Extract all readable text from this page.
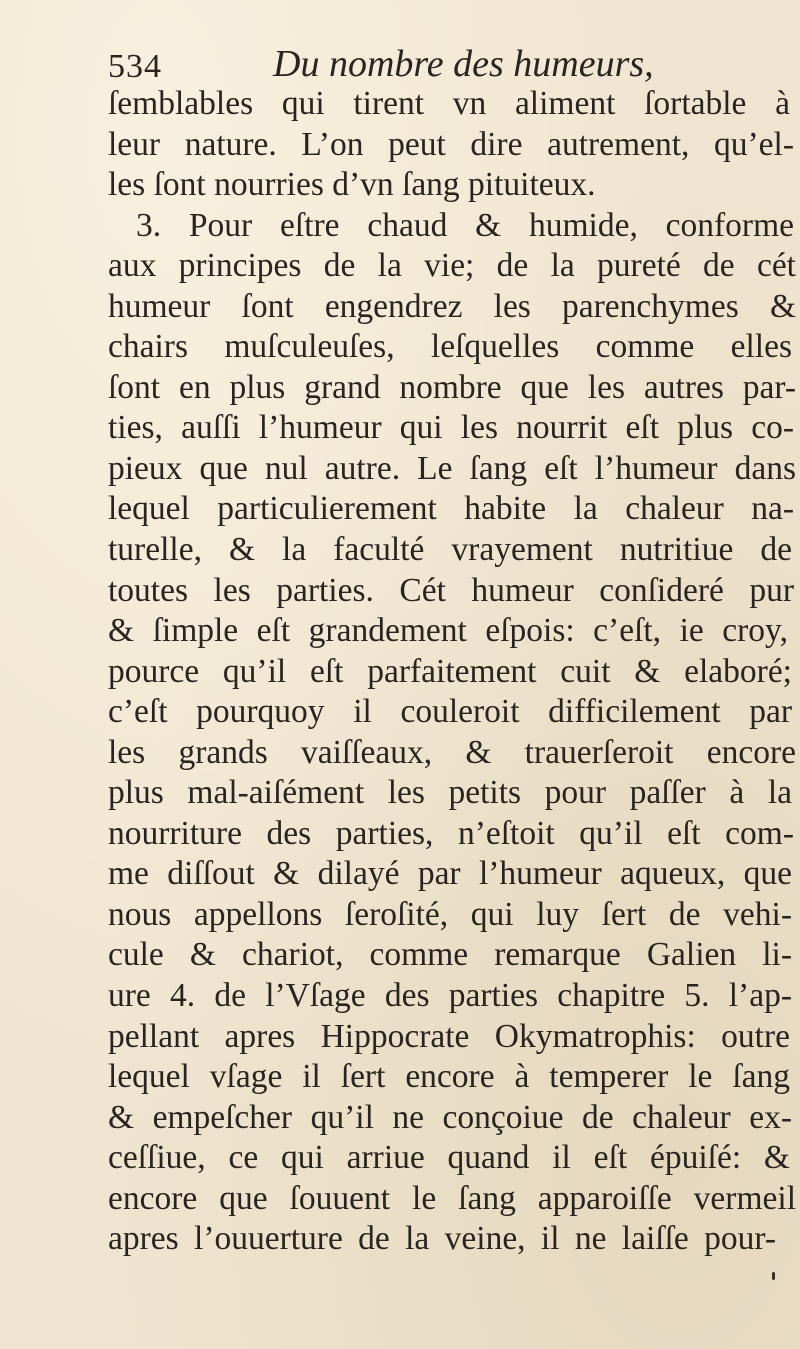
534	Du nombre des humeurs,
ſemblables qui tirent vn aliment ſortable à
leur nature. L’on peut dire autrement, qu’el-
les ſont nourries d’vn ſang pituiteux.
3. Pour eſtre chaud & humide, conforme
aux principes de la vie; de la pureté de cét
humeur ſont engendrez les parenchymes &
chairs muſculeuſes, leſquelles comme elles
ſont en plus grand nombre que les autres par-
ties, auſſi l’humeur qui les nourrit eſt plus co-
pieux que nul autre. Le ſang eſt l’humeur dans
lequel particulierement habite la chaleur na-
turelle, & la faculté vrayement nutritiue de
toutes les parties. Cét humeur conſideré pur
& ſimple eſt grandement eſpois: c’eſt, ie croy,
pource qu’il eſt parfaitement cuit & elaboré;
c’eſt pourquoy il couleroit difficilement par
les grands vaiſſeaux, & trauerſeroit encore
plus mal-aiſément les petits pour paſſer à la
nourriture des parties, n’eſtoit qu’il eſt com-
me diſſout & dilayé par l’humeur aqueux, que
nous appellons ſeroſité, qui luy ſert de vehi-
cule & chariot, comme remarque Galien li-
ure 4. de l’Vſage des parties chapitre 5. l’ap-
pellant apres Hippocrate Okymatrophis: outre
lequel vſage il ſert encore à temperer le ſang
& empeſcher qu’il ne conçoiue de chaleur ex-
ceſſiue, ce qui arriue quand il eſt épuiſé: &
encore que ſouuent le ſang apparoiſſe vermeil
apres l’ouuerture de la veine, il ne laiſſe pour-
